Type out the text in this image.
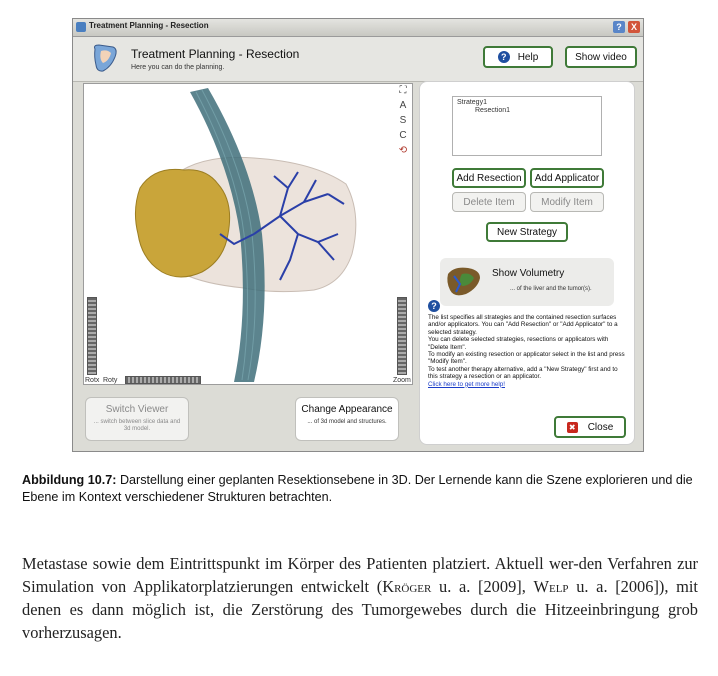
Treatment Planning - Resection	?	X
Treatment Planning - Resection
Here you can do the planning.
?	Help	Show video
⛶
A
S
C
⟲
Rotx Roty	Zoom
Switch Viewer
... switch between slice data and 3d model.
Change Appearance
... of 3d model and structures.
Strategy1
Resection1
Add Resection	Add Applicator
Delete Item	Modify Item
New Strategy
Show Volumetry
... of the liver and the tumor(s).
?
The list specifies all strategies and the contained resection surfaces and/or applicators. You can "Add Resection" or "Add Applicator" to a selected strategy.
You can delete selected strategies, resections or applicators with "Delete Item".
To modify an existing resection or applicator select in the list and press "Modify Item".
To test another therapy alternative, add a "New Strategy" first and to this strategy a resection or an applicator.
Click here to get more help!
✖ Close
Abbildung 10.7: Darstellung einer geplanten Resektionsebene in 3D. Der Lernende kann die Szene explorieren und die Ebene im Kontext verschiedener Strukturen betrachten.
Metastase sowie dem Eintrittspunkt im Körper des Patienten platziert. Aktuell wer-den Verfahren zur Simulation von Applikatorplatzierungen entwickelt (Kröger u. a. [2009], Welp u. a. [2006]), mit denen es dann möglich ist, die Zerstörung des Tumorgewebes durch die Hitzeeinbringung grob vorherzusagen.
